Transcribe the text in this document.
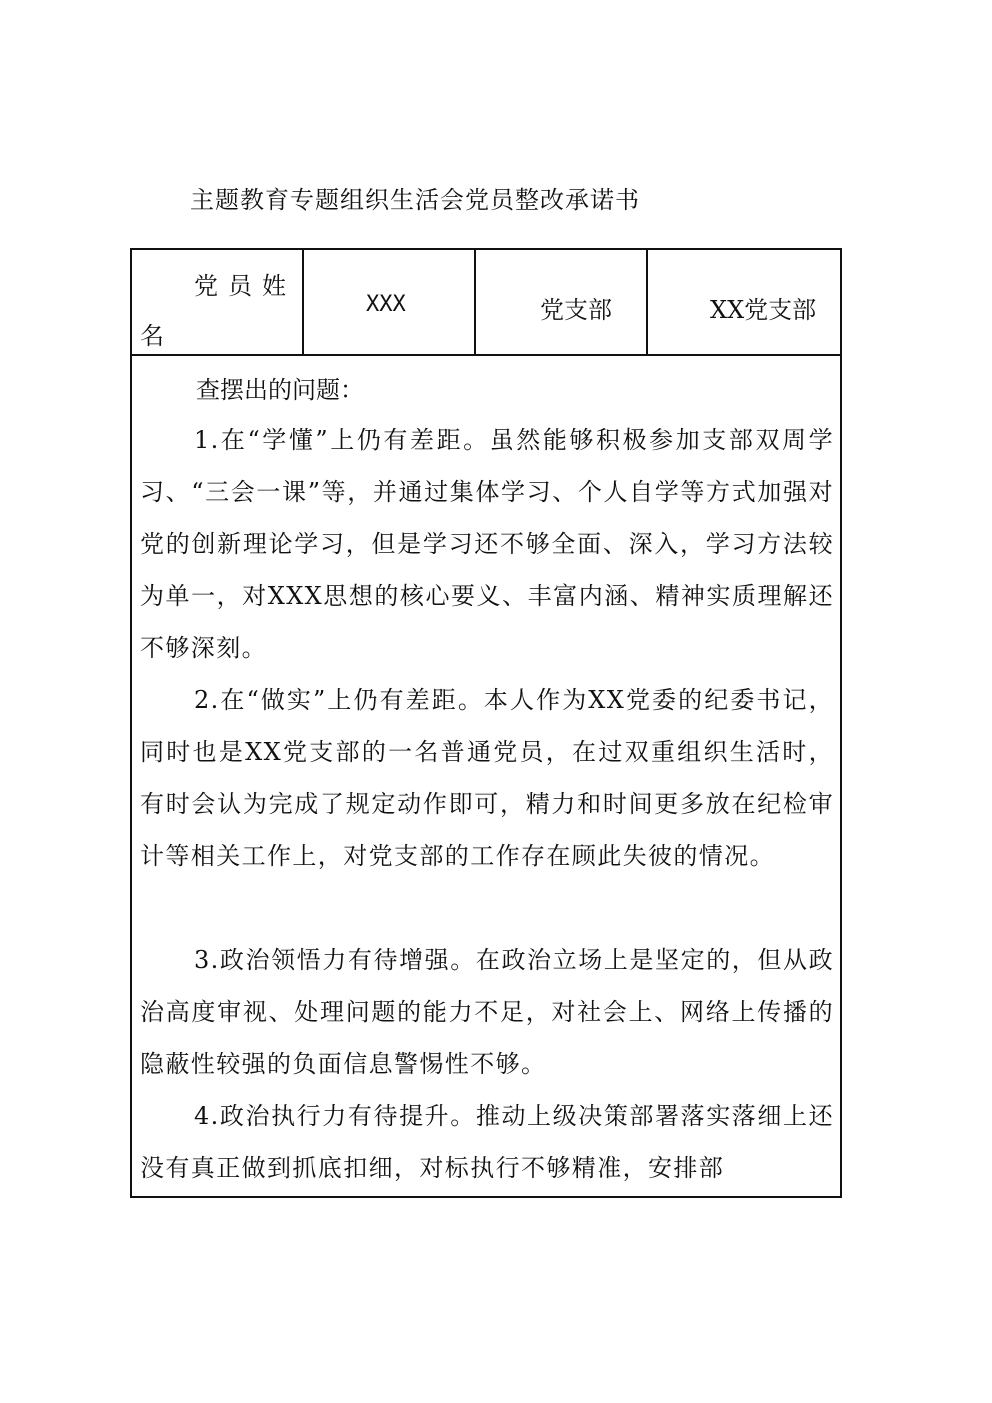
主题教育专题组织生活会党员整改承诺书
党员姓
名
XXX	党支部	XX党支部
查摆出的问题：

1.在“学懂”上仍有差距。虽然能够积极参加支部双周学习、“三会一课”等，并通过集体学习、个人自学等方式加强对党的创新理论学习，但是学习还不够全面、深入，学习方法较为单一，对XXX思想的核心要义、丰富内涵、精神实质理解还不够深刻。

2.在“做实”上仍有差距。本人作为XX党委的纪委书记，同时也是XX党支部的一名普通党员，在过双重组织生活时，有时会认为完成了规定动作即可，精力和时间更多放在纪检审计等相关工作上，对党支部的工作存在顾此失彼的情况。

3.政治领悟力有待增强。在政治立场上是坚定的，但从政治高度审视、处理问题的能力不足，对社会上、网络上传播的隐蔽性较强的负面信息警惕性不够。

4.政治执行力有待提升。推动上级决策部署落实落细上还没有真正做到抓底扣细，对标执行不够精准，安排部
